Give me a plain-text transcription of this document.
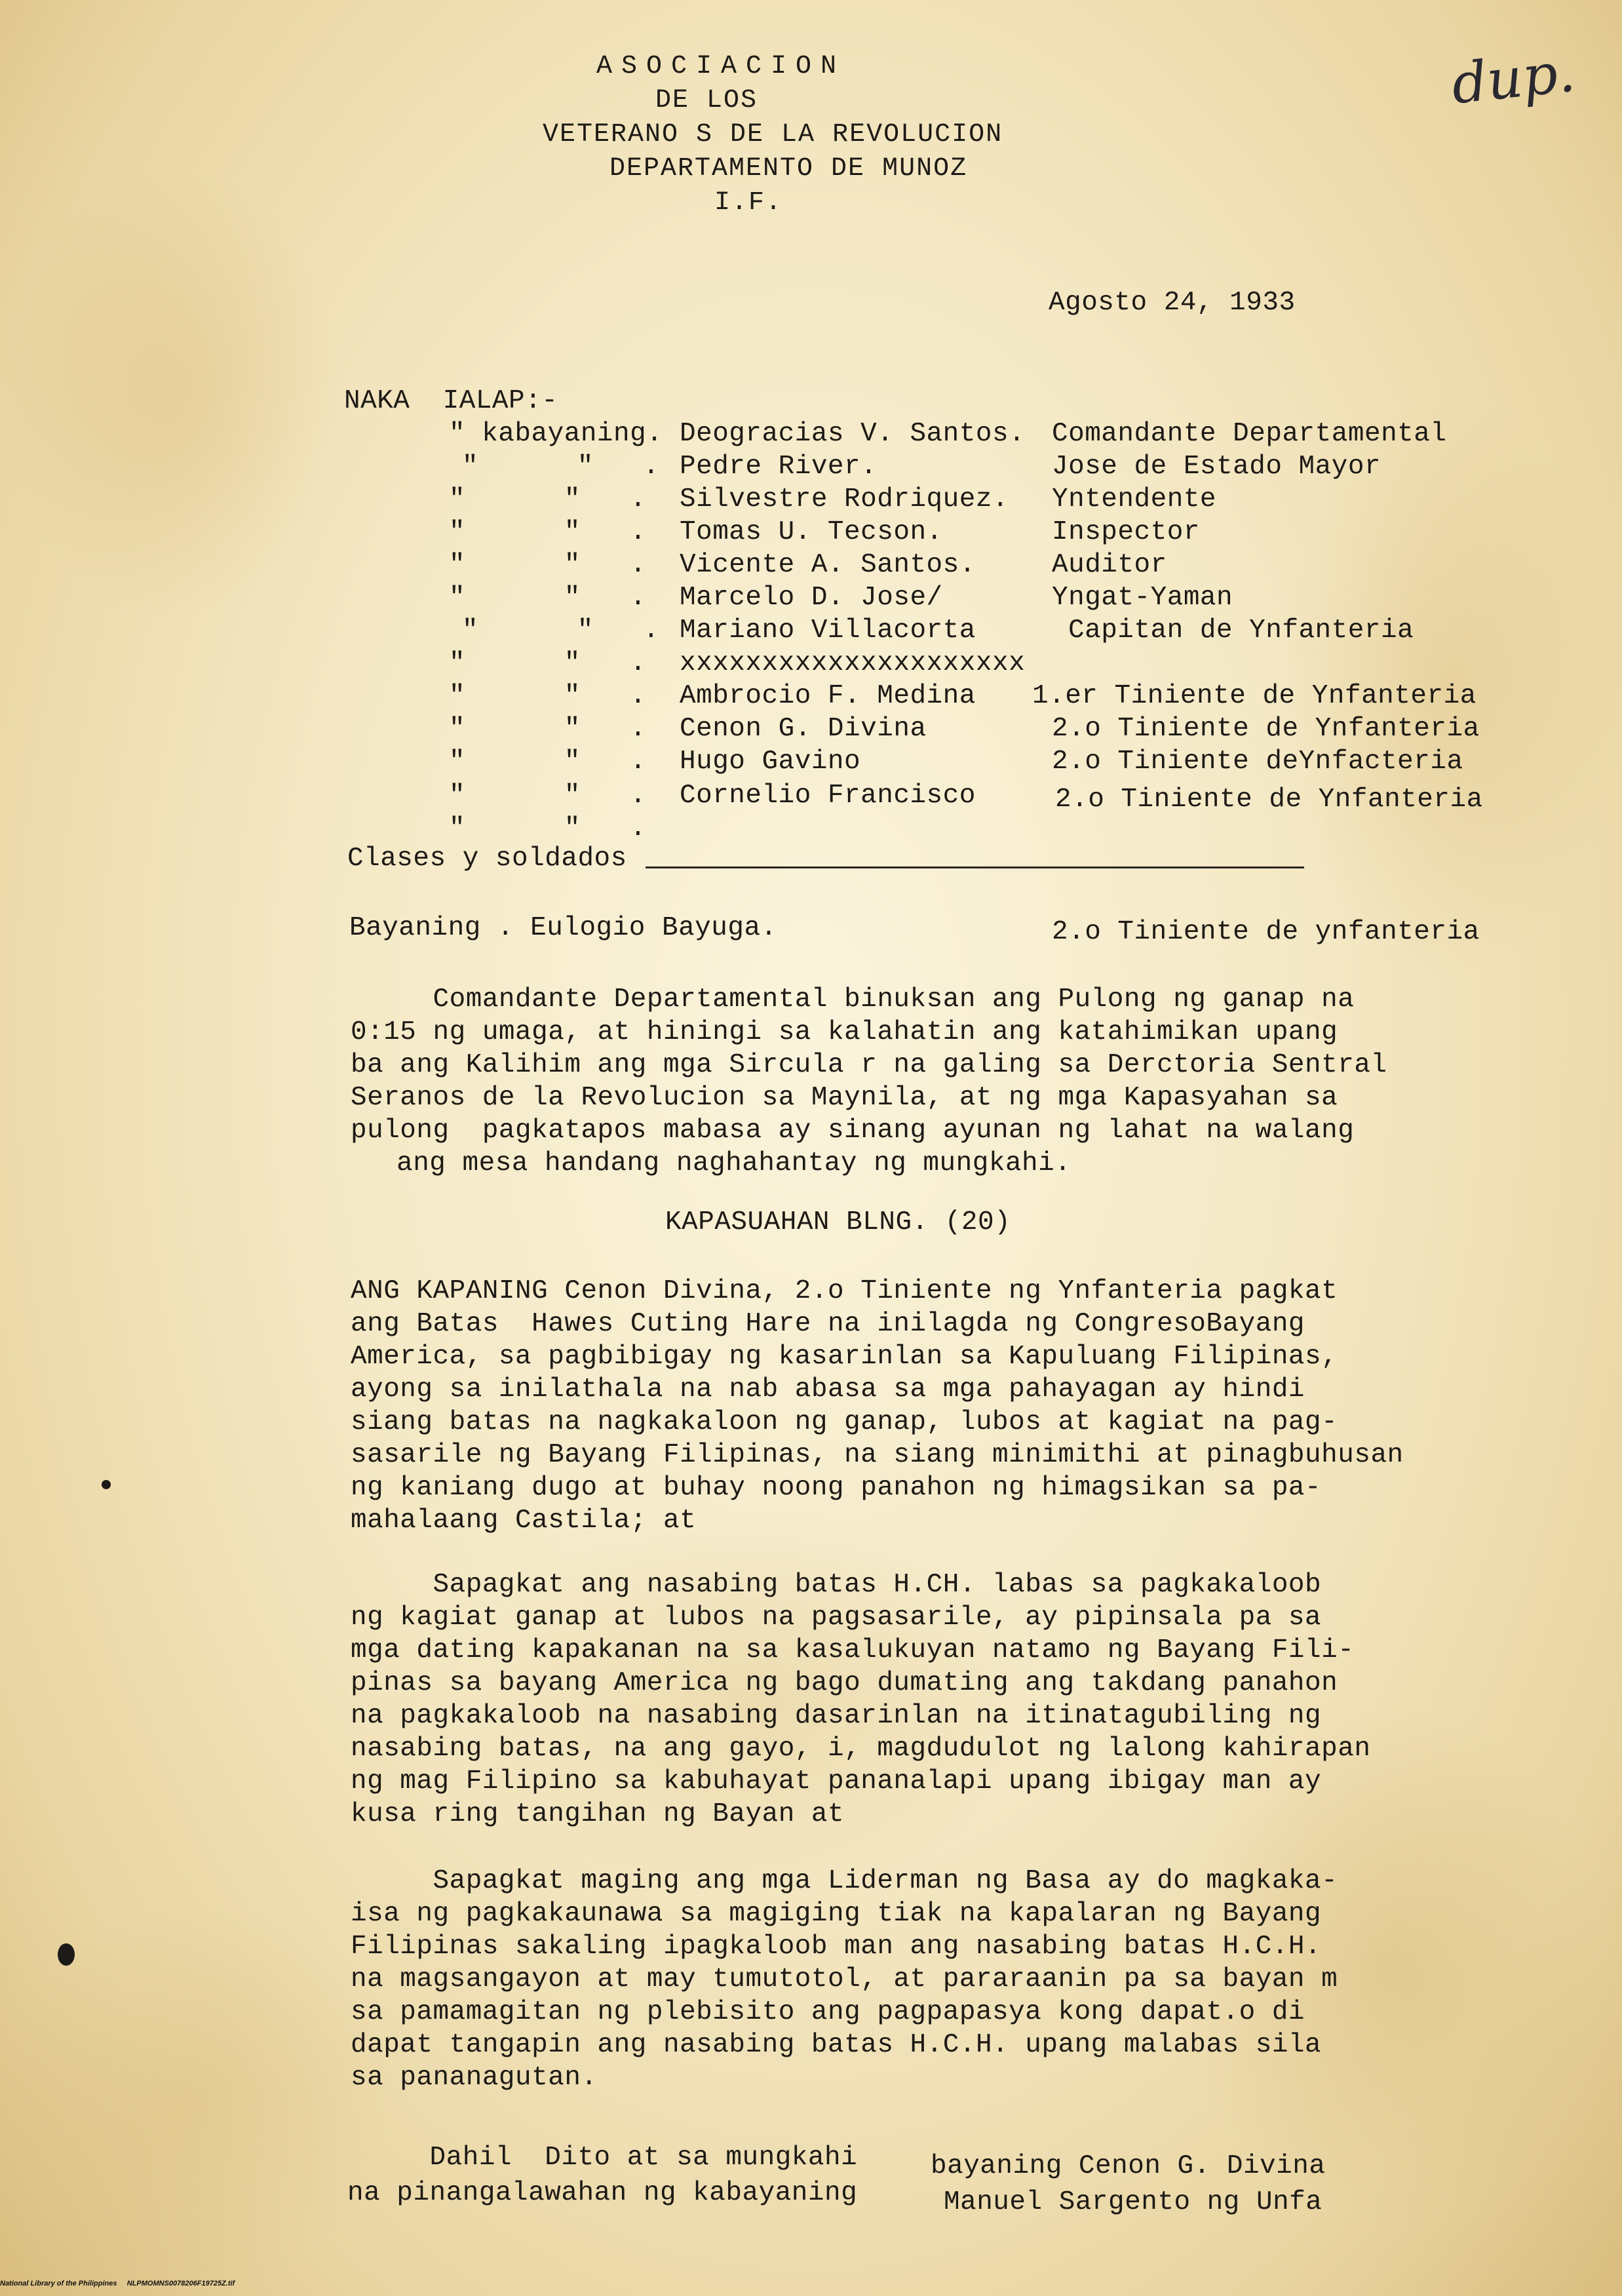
ASOCIACION
DE LOS
VETERANO S DE LA REVOLUCION
DEPARTAMENTO DE MUNOZ
I.F.
dup.
Agosto 24, 1933
NAKA  IALAP:-
" kabayaning. Deogracias V. Santos. Comandante Departamental
"      "   . Pedre River.	Jose de Estado Mayor
"      "   . Silvestre Rodriquez. Yntendente
"      "   . Tomas U. Tecson.	Inspector
"      "   . Vicente A. Santos.	Auditor
"      "   . Marcelo D. Jose/	Yngat-Yaman
"      "   . Mariano Villacorta	Capitan de Ynfanteria
"      "   . xxxxxxxxxxxxxxxxxxxxx
"      "   . Ambrocio F. Medina 1.er Tiniente de Ynfanteria
"      "   . Cenon G. Divina	2.o Tiniente de Ynfanteria
"      "   . Hugo Gavino	2.o Tiniente deYnfacteria
"      "   . Cornelio Francisco	2.o Tiniente de Ynfanteria
"      "   .
Clases y soldados
Bayaning . Eulogio Bayuga.	2.o Tiniente de ynfanteria
Comandante Departamental binuksan ang Pulong ng ganap na
0:15 ng umaga, at hiningi sa kalahatin ang katahimikan upang
ba ang Kalihim ang mga Sircula r na galing sa Derctoria Sentral
Seranos de la Revolucion sa Maynila, at ng mga Kapasyahan sa
pulong  pagkatapos mabasa ay sinang ayunan ng lahat na walang
ang mesa handang naghahantay ng mungkahi.
KAPASUAHAN BLNG. (20)
ANG KAPANING Cenon Divina, 2.o Tiniente ng Ynfanteria pagkat
ang Batas  Hawes Cuting Hare na inilagda ng CongresoBayang
America, sa pagbibigay ng kasarinlan sa Kapuluang Filipinas,
ayong sa inilathala na nab abasa sa mga pahayagan ay hindi
siang batas na nagkakaloon ng ganap, lubos at kagiat na pag-
sasarile ng Bayang Filipinas, na siang minimithi at pinagbuhusan
ng kaniang dugo at buhay noong panahon ng himagsikan sa pa-
mahalaang Castila; at
Sapagkat ang nasabing batas H.CH. labas sa pagkakaloob
ng kagiat ganap at lubos na pagsasarile, ay pipinsala pa sa
mga dating kapakanan na sa kasalukuyan natamo ng Bayang Fili-
pinas sa bayang America ng bago dumating ang takdang panahon
na pagkakaloob na nasabing dasarinlan na itinatagubiling ng
nasabing batas, na ang gayo, i, magdudulot ng lalong kahirapan
ng mag Filipino sa kabuhayat pananalapi upang ibigay man ay
kusa ring tangihan ng Bayan at
Sapagkat maging ang mga Liderman ng Basa ay do magkaka-
isa ng pagkakaunawa sa magiging tiak na kapalaran ng Bayang
Filipinas sakaling ipagkaloob man ang nasabing batas H.C.H.
na magsangayon at may tumutotol, at pararaanin pa sa bayan m
sa pamamagitan ng plebisito ang pagpapasya kong dapat.o di
dapat tangapin ang nasabing batas H.C.H. upang malabas sila
sa pananagutan.
Dahil  Dito at sa mungkahi
na pinangalawahan ng kabayaning
bayaning Cenon G. Divina
Manuel Sargento ng Unfa
National Library of the Philippines     NLPMOMNS0078206F19725Z.tif
